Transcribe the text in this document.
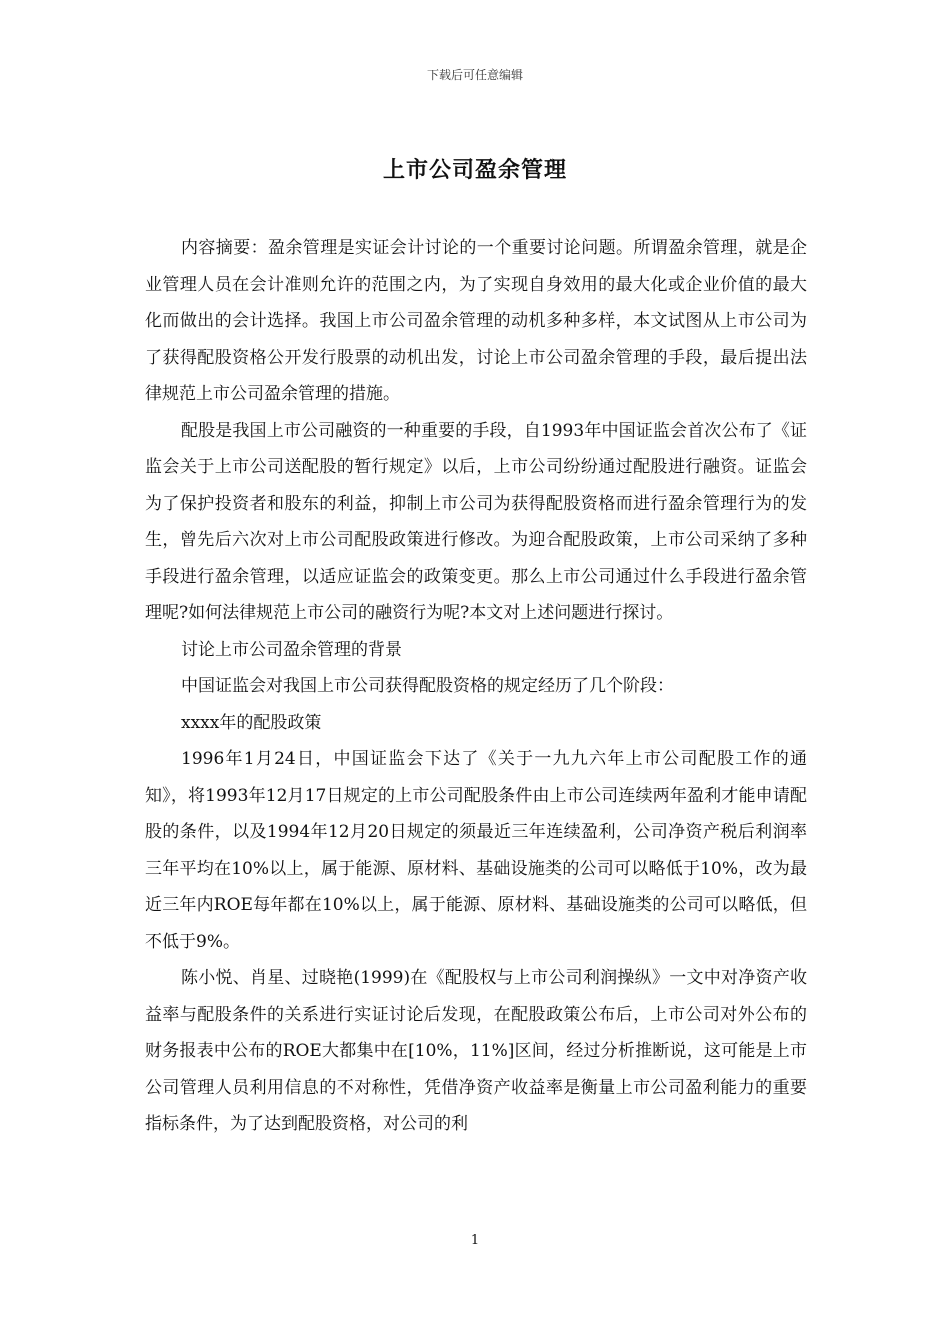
下载后可任意编辑
上市公司盈余管理

内容摘要：盈余管理是实证会计讨论的一个重要讨论问题。所谓盈余管理，就是企业管理人员在会计准则允许的范围之内，为了实现自身效用的最大化或企业价值的最大化而做出的会计选择。我国上市公司盈余管理的动机多种多样，本文试图从上市公司为了获得配股资格公开发行股票的动机出发，讨论上市公司盈余管理的手段，最后提出法律规范上市公司盈余管理的措施。

配股是我国上市公司融资的一种重要的手段，自1993年中国证监会首次公布了《证监会关于上市公司送配股的暂行规定》以后，上市公司纷纷通过配股进行融资。证监会为了保护投资者和股东的利益，抑制上市公司为获得配股资格而进行盈余管理行为的发生，曾先后六次对上市公司配股政策进行修改。为迎合配股政策，上市公司采纳了多种手段进行盈余管理，以适应证监会的政策变更。那么上市公司通过什么手段进行盈余管理呢?如何法律规范上市公司的融资行为呢?本文对上述问题进行探讨。

讨论上市公司盈余管理的背景

中国证监会对我国上市公司获得配股资格的规定经历了几个阶段：

xxxx年的配股政策

1996年1月24日，中国证监会下达了《关于一九九六年上市公司配股工作的通知》，将1993年12月17日规定的上市公司配股条件由上市公司连续两年盈利才能申请配股的条件，以及1994年12月20日规定的须最近三年连续盈利，公司净资产税后利润率三年平均在10%以上，属于能源、原材料、基础设施类的公司可以略低于10%，改为最近三年内ROE每年都在10%以上，属于能源、原材料、基础设施类的公司可以略低，但不低于9%。

陈小悦、肖星、过晓艳(1999)在《配股权与上市公司利润操纵》一文中对净资产收益率与配股条件的关系进行实证讨论后发现，在配股政策公布后，上市公司对外公布的财务报表中公布的ROE大都集中在[10%，11%]区间，经过分析推断说，这可能是上市公司管理人员利用信息的不对称性，凭借净资产收益率是衡量上市公司盈利能力的重要指标条件，为了达到配股资格，对公司的利

1
